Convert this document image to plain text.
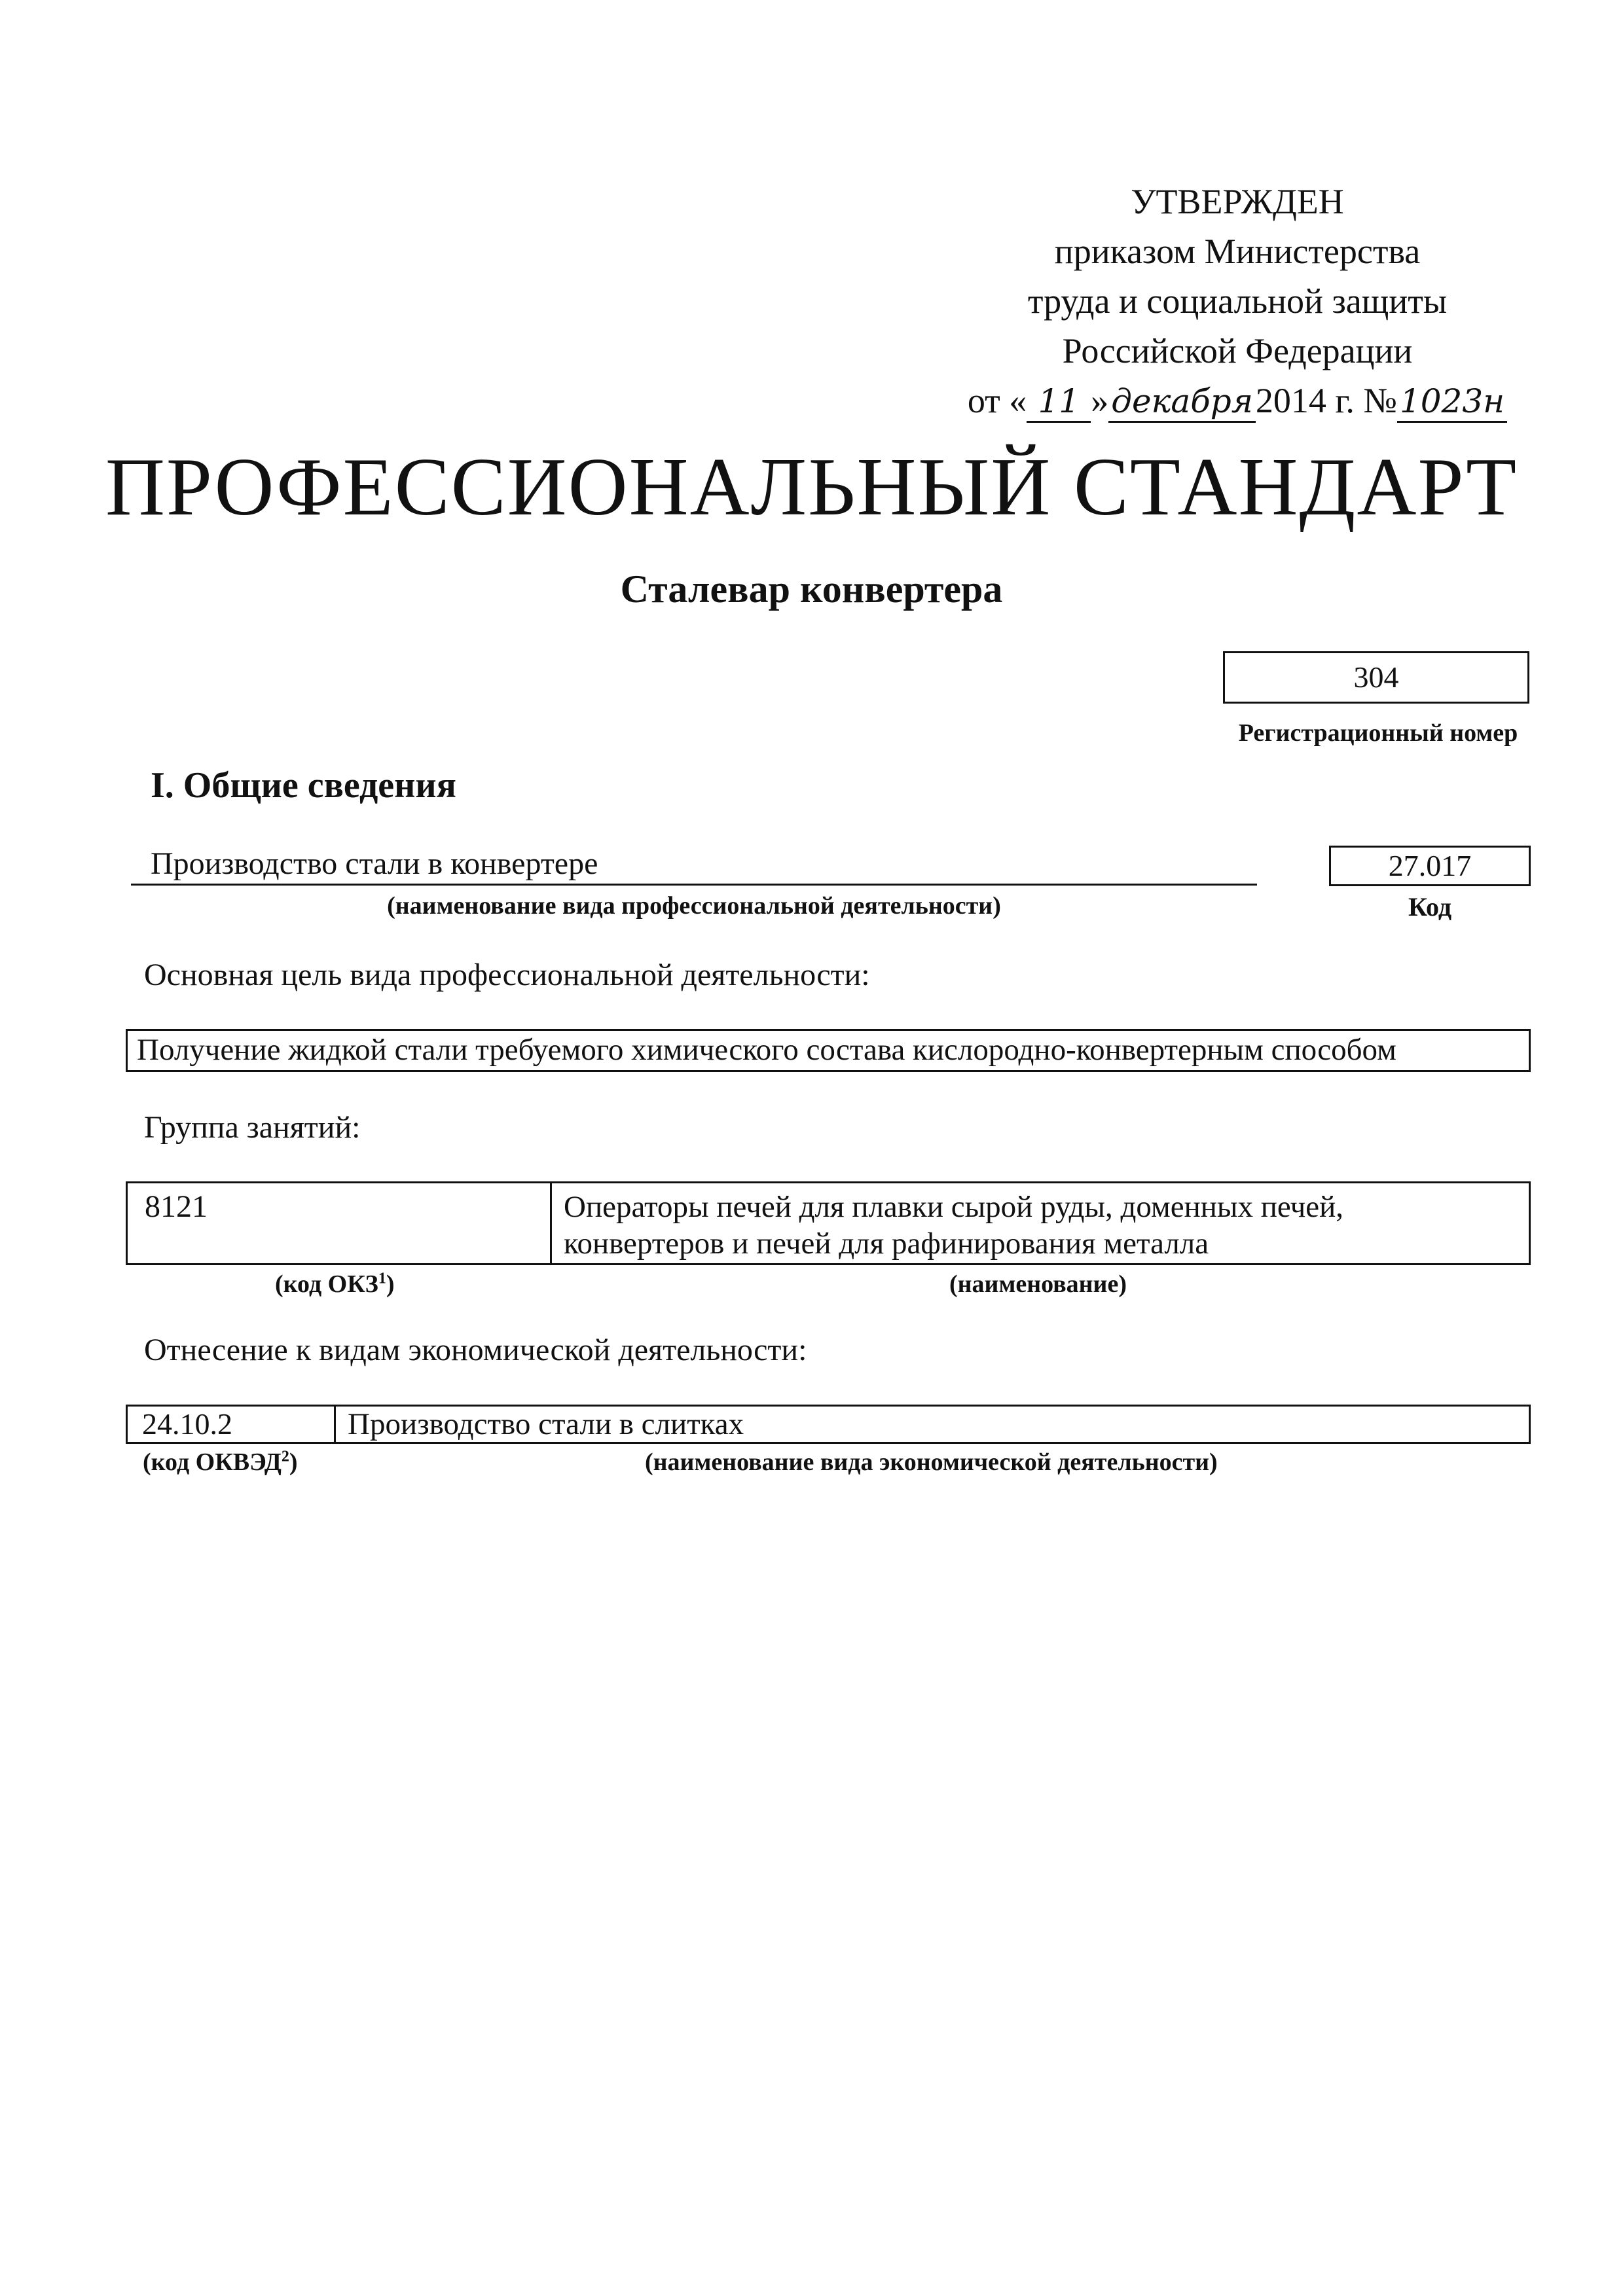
УТВЕРЖДЕН
приказом Министерства
труда и социальной защиты
Российской Федерации
от « 11 »декабря2014 г. №1023н
ПРОФЕССИОНАЛЬНЫЙ СТАНДАРТ
Сталевар конвертера
304
Регистрационный номер
I. Общие сведения
Производство стали в конвертере
(наименование вида профессиональной деятельности)
27.017
Код
Основная цель вида профессиональной деятельности:
Получение жидкой стали требуемого химического состава кислородно-конвертерным способом
Группа занятий:
8121	Операторы печей для плавки сырой руды, доменных печей,
конвертеров и печей для рафинирования металла
(код ОКЗ$^1$)	(наименование)
Отнесение к видам экономической деятельности:
24.10.2	Производство стали в слитках
(код ОКВЭД$^2$)	(наименование вида экономической деятельности)
